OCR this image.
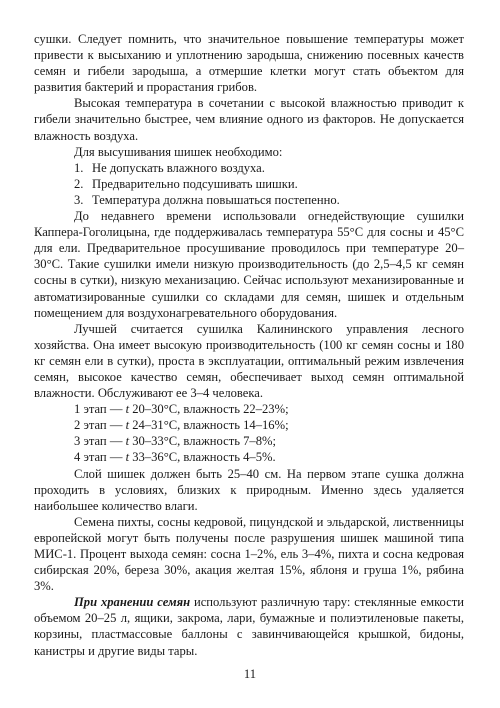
сушки. Следует помнить, что значительное повышение температуры может привести к высыханию и уплотнению зародыша, снижению посевных качеств семян и гибели зародыша, а отмершие клетки могут стать объектом для развития бактерий и прорастания грибов.

Высокая температура в сочетании с высокой влажностью приводит к гибели значительно быстрее, чем влияние одного из факторов. Не допускается влажность воздуха.

Для высушивания шишек необходимо:

1. Не допускать влажного воздуха.
2. Предварительно подсушивать шишки.
3. Температура должна повышаться постепенно.

До недавнего времени использовали огнедействующие сушилки Каппера-Гоголицына, где поддерживалась температура 55°С для сосны и 45°С для ели. Предварительное просушивание проводилось при температуре 20–30°С. Такие сушилки имели низкую производительность (до 2,5–4,5 кг семян сосны в сутки), низкую механизацию. Сейчас используют механизированные и автоматизированные сушилки со складами для семян, шишек и отдельным помещением для воздухонагревательного оборудования.

Лучшей считается сушилка Калининского управления лесного хозяйства. Она имеет высокую производительность (100 кг семян сосны и 180 кг семян ели в сутки), проста в эксплуатации, оптимальный режим извлечения семян, высокое качество семян, обеспечивает выход семян оптимальной влажности. Обслуживают ее 3–4 человека.

1 этап — t 20–30°С, влажность 22–23%;
2 этап — t 24–31°С, влажность 14–16%;
3 этап — t 30–33°С, влажность 7–8%;
4 этап — t 33–36°С, влажность 4–5%.

Слой шишек должен быть 25–40 см. На первом этапе сушка должна проходить в условиях, близких к природным. Именно здесь удаляется наибольшее количество влаги.

Семена пихты, сосны кедровой, пицундской и эльдарской, лиственницы европейской могут быть получены после разрушения шишек машиной типа МИС-1. Процент выхода семян: сосна 1–2%, ель 3–4%, пихта и сосна кедровая сибирская 20%, береза 30%, акация желтая 15%, яблоня и груша 1%, рябина 3%.

При хранении семян используют различную тару: стеклянные емкости объемом 20–25 л, ящики, закрома, лари, бумажные и полиэтиленовые пакеты, корзины, пластмассовые баллоны с завинчивающейся крышкой, бидоны, канистры и другие виды тары.

11
